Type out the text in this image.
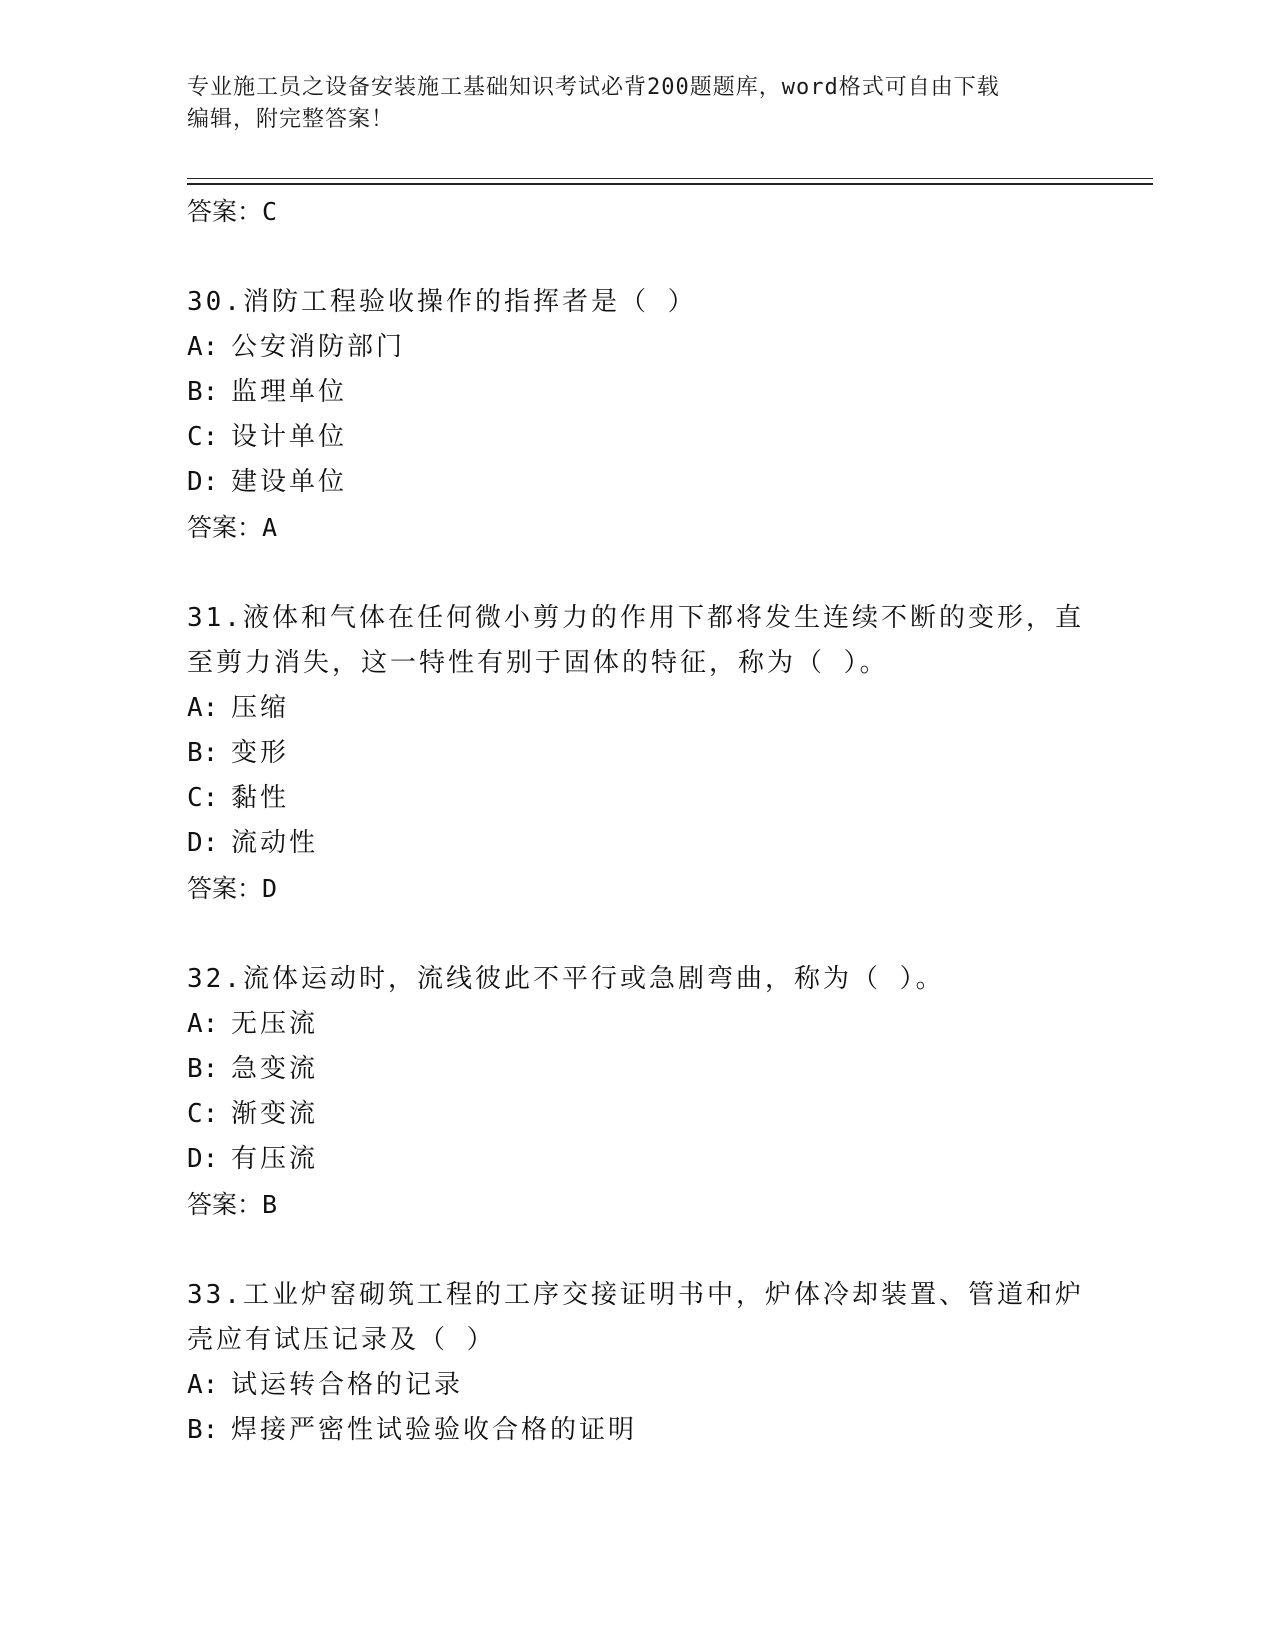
专业施工员之设备安装施工基础知识考试必背200题题库，word格式可自由下载
编辑，附完整答案！
答案：C
30.消防工程验收操作的指挥者是（ ）
A: 公安消防部门
B: 监理单位
C: 设计单位
D: 建设单位
答案：A
31.液体和气体在任何微小剪力的作用下都将发生连续不断的变形，直
至剪力消失，这一特性有别于固体的特征，称为（ ）。
A: 压缩
B: 变形
C: 黏性
D: 流动性
答案：D
32.流体运动时，流线彼此不平行或急剧弯曲，称为（ ）。
A: 无压流
B: 急变流
C: 渐变流
D: 有压流
答案：B
33.工业炉窑砌筑工程的工序交接证明书中，炉体冷却装置、管道和炉
壳应有试压记录及（ ）
A: 试运转合格的记录
B: 焊接严密性试验验收合格的证明
